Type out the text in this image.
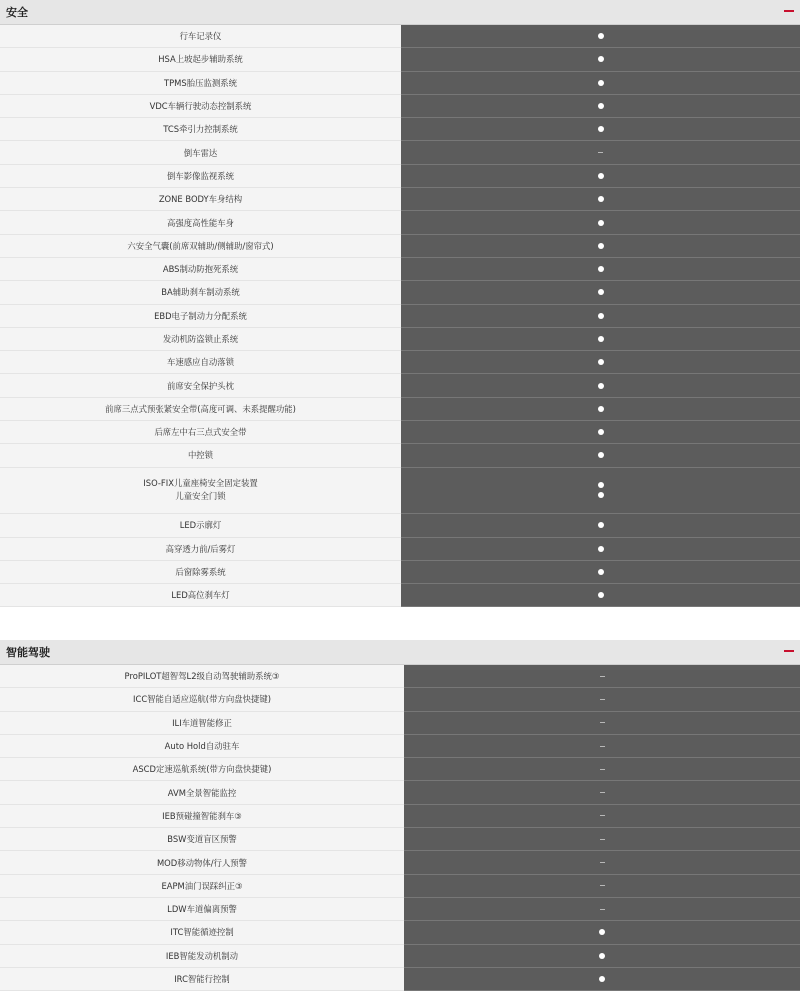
安全
行车记录仪
HSA上坡起步辅助系统
TPMS胎压监测系统
VDC车辆行驶动态控制系统
TCS牵引力控制系统
倒车雷达
倒车影像监视系统
ZONE BODY车身结构
高强度高性能车身
六安全气囊(前席双辅助/侧辅助/窗帘式)
ABS制动防抱死系统
BA辅助刹车制动系统
EBD电子制动力分配系统
发动机防盗锁止系统
车速感应自动落锁
前席安全保护头枕
前席三点式预张紧安全带(高度可调、未系提醒功能)
后席左中右三点式安全带
中控锁
ISO-FIX儿童座椅安全固定装置
儿童安全门锁
LED示廓灯
高穿透力前/后雾灯
后窗除雾系统
LED高位刹车灯
智能驾驶
ProPILOT超智驾L2级自动驾驶辅助系统③
ICC智能自适应巡航(带方向盘快捷键)
ILI车道智能修正
Auto Hold自动驻车
ASCD定速巡航系统(带方向盘快捷键)
AVM全景智能监控
IEB预碰撞智能刹车③
BSW变道盲区预警
MOD移动物体/行人预警
EAPM油门误踩纠正③
LDW车道偏离预警
ITC智能循迹控制
IEB智能发动机制动
IRC智能行控制
